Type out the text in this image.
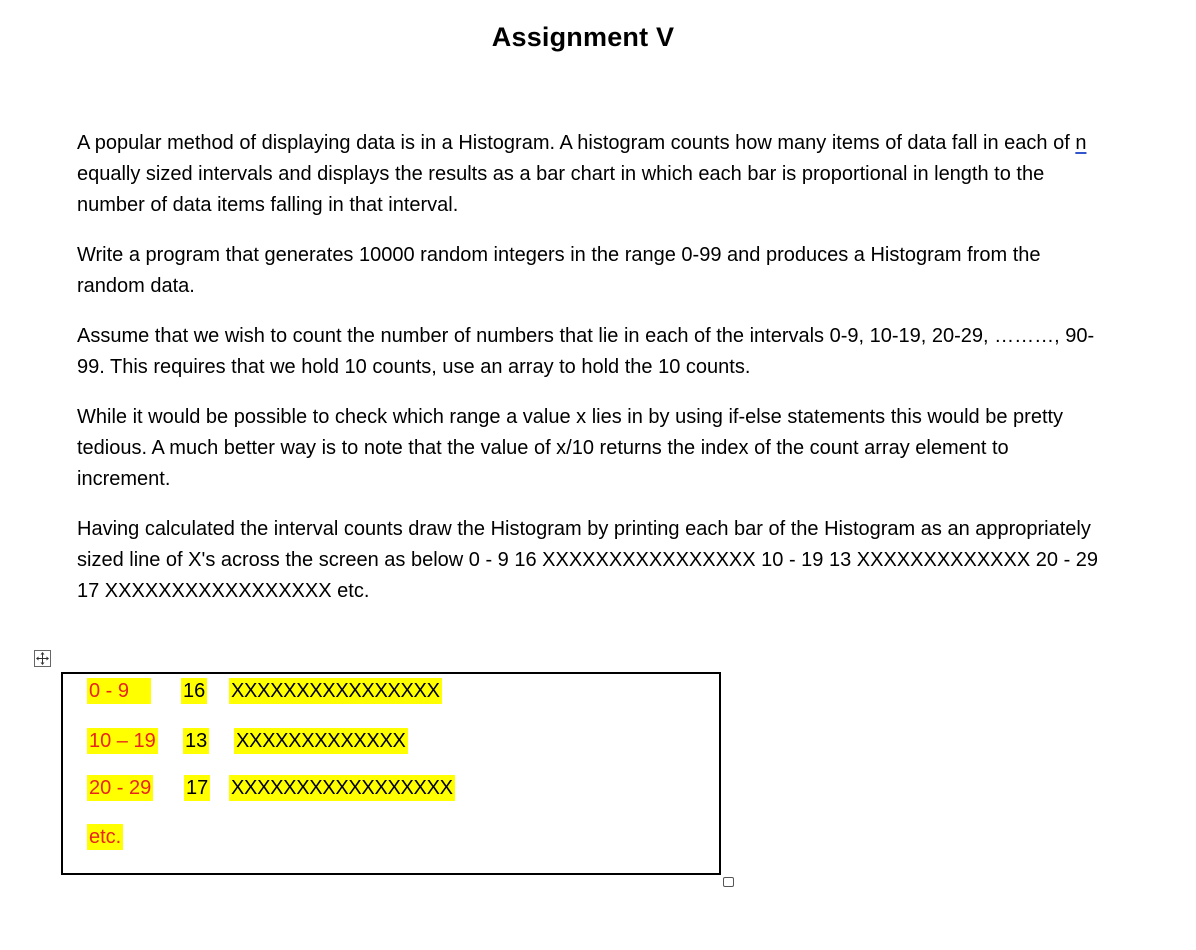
Assignment V

A popular method of displaying data is in a Histogram. A histogram counts how many items of data fall in each of n equally sized intervals and displays the results as a bar chart in which each bar is proportional in length to the number of data items falling in that interval.

Write a program that generates 10000 random integers in the range 0-99 and produces a Histogram from the random data.

Assume that we wish to count the number of numbers that lie in each of the intervals 0-9, 10-19, 20-29, ………, 90- 99. This requires that we hold 10 counts, use an array to hold the 10 counts.

While it would be possible to check which range a value x lies in by using if-else statements this would be pretty tedious. A much better way is to note that the value of x/10 returns the index of the count array element to increment.

Having calculated the interval counts draw the Histogram by printing each bar of the Histogram as an appropriately sized line of X's across the screen as below 0 - 9 16 XXXXXXXXXXXXXXXX 10 - 19 13 XXXXXXXXXXXXX 20 - 29 17 XXXXXXXXXXXXXXXXX etc.

0 - 9	16 XXXXXXXXXXXXXXXX
10 – 19 13 XXXXXXXXXXXXX
20 - 29 17 XXXXXXXXXXXXXXXXX
etc.
